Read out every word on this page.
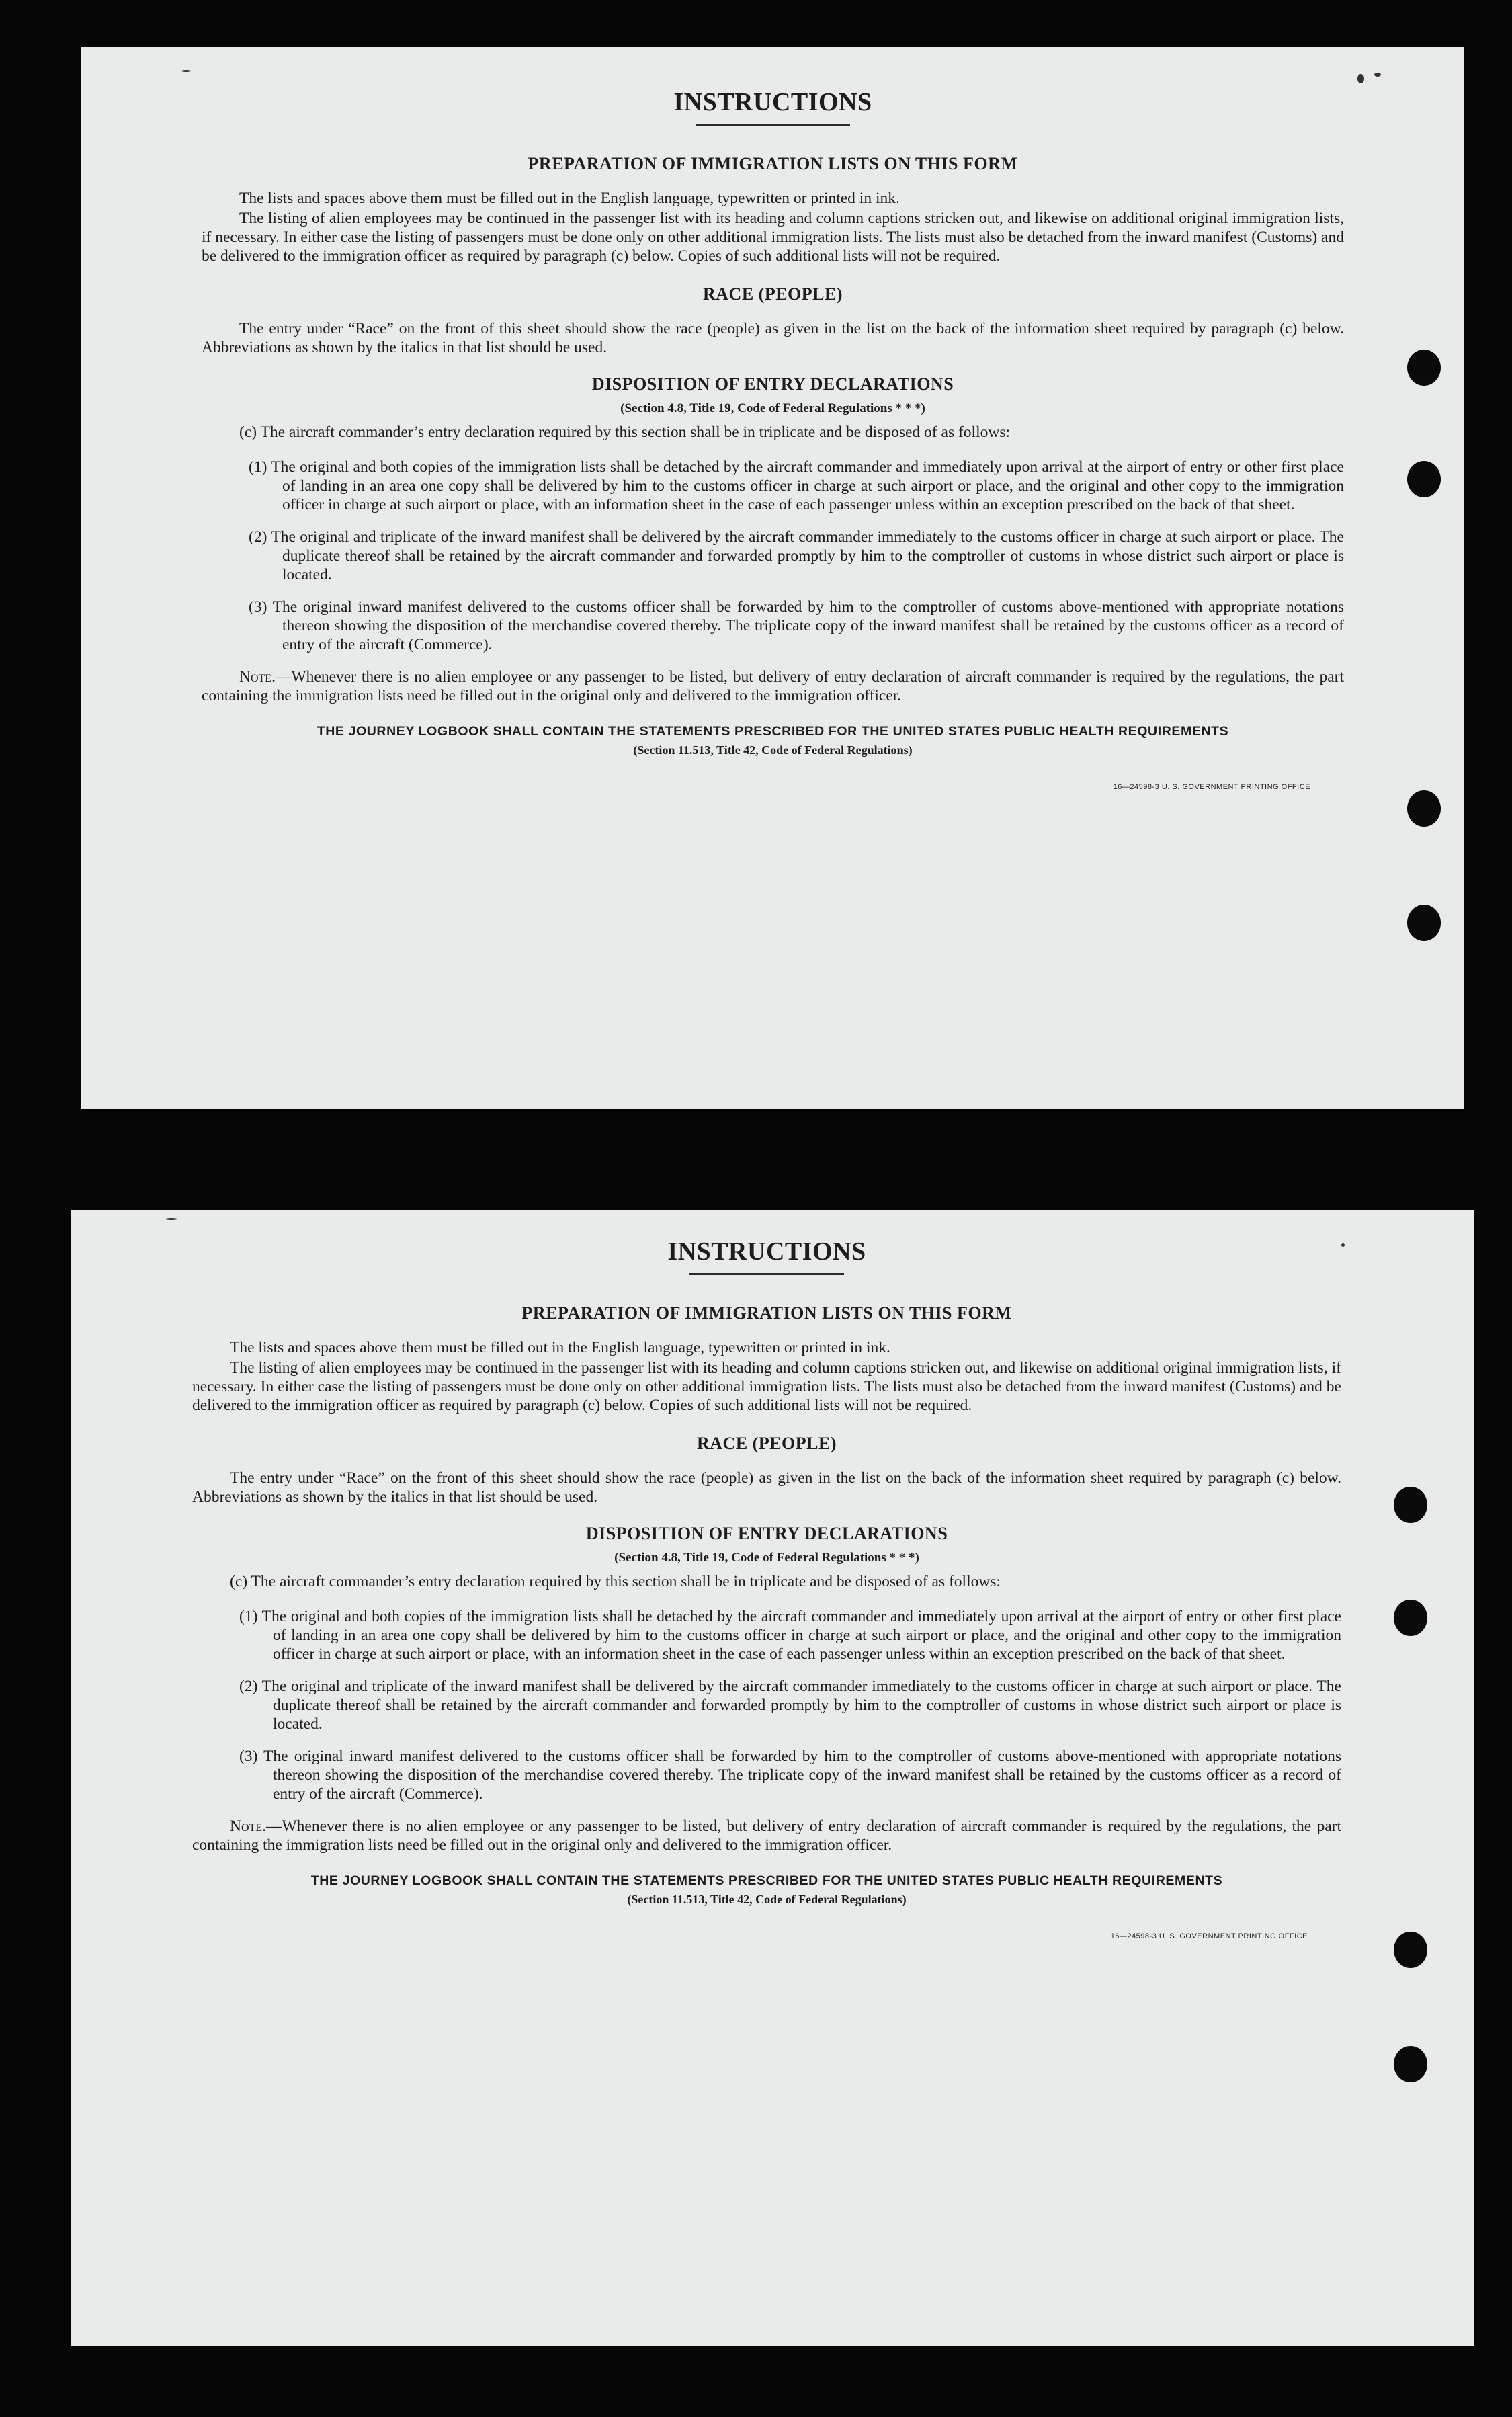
INSTRUCTIONS
PREPARATION OF IMMIGRATION LISTS ON THIS FORM
The lists and spaces above them must be filled out in the English language, typewritten or printed in ink.
The listing of alien employees may be continued in the passenger list with its heading and column captions stricken out, and likewise on additional original immigration lists, if necessary. In either case the listing of passengers must be done only on other additional immigration lists. The lists must also be detached from the inward manifest (Customs) and be delivered to the immigration officer as required by paragraph (c) below. Copies of such additional lists will not be required.
RACE (PEOPLE)
The entry under “Race” on the front of this sheet should show the race (people) as given in the list on the back of the information sheet required by paragraph (c) below. Abbreviations as shown by the italics in that list should be used.
DISPOSITION OF ENTRY DECLARATIONS
(Section 4.8, Title 19, Code of Federal Regulations * * *)
(c) The aircraft commander’s entry declaration required by this section shall be in triplicate and be disposed of as follows:
(1) The original and both copies of the immigration lists shall be detached by the aircraft commander and immediately upon arrival at the airport of entry or other first place of landing in an area one copy shall be delivered by him to the customs officer in charge at such airport or place, and the original and other copy to the immigration officer in charge at such airport or place, with an information sheet in the case of each passenger unless within an exception prescribed on the back of that sheet.
(2) The original and triplicate of the inward manifest shall be delivered by the aircraft commander immediately to the customs officer in charge at such airport or place. The duplicate thereof shall be retained by the aircraft commander and forwarded promptly by him to the comptroller of customs in whose district such airport or place is located.
(3) The original inward manifest delivered to the customs officer shall be forwarded by him to the comptroller of customs above-mentioned with appropriate notations thereon showing the disposition of the merchandise covered thereby. The triplicate copy of the inward manifest shall be retained by the customs officer as a record of entry of the aircraft (Commerce).
Note.—Whenever there is no alien employee or any passenger to be listed, but delivery of entry declaration of aircraft commander is required by the regulations, the part containing the immigration lists need be filled out in the original only and delivered to the immigration officer.
THE JOURNEY LOGBOOK SHALL CONTAIN THE STATEMENTS PRESCRIBED FOR THE UNITED STATES PUBLIC HEALTH REQUIREMENTS
(Section 11.513, Title 42, Code of Federal Regulations)
16—24598-3 U. S. GOVERNMENT PRINTING OFFICE
INSTRUCTIONS
PREPARATION OF IMMIGRATION LISTS ON THIS FORM
The lists and spaces above them must be filled out in the English language, typewritten or printed in ink.
The listing of alien employees may be continued in the passenger list with its heading and column captions stricken out, and likewise on additional original immigration lists, if necessary. In either case the listing of passengers must be done only on other additional immigration lists. The lists must also be detached from the inward manifest (Customs) and be delivered to the immigration officer as required by paragraph (c) below. Copies of such additional lists will not be required.
RACE (PEOPLE)
The entry under “Race” on the front of this sheet should show the race (people) as given in the list on the back of the information sheet required by paragraph (c) below. Abbreviations as shown by the italics in that list should be used.
DISPOSITION OF ENTRY DECLARATIONS
(Section 4.8, Title 19, Code of Federal Regulations * * *)
(c) The aircraft commander’s entry declaration required by this section shall be in triplicate and be disposed of as follows:
(1) The original and both copies of the immigration lists shall be detached by the aircraft commander and immediately upon arrival at the airport of entry or other first place of landing in an area one copy shall be delivered by him to the customs officer in charge at such airport or place, and the original and other copy to the immigration officer in charge at such airport or place, with an information sheet in the case of each passenger unless within an exception prescribed on the back of that sheet.
(2) The original and triplicate of the inward manifest shall be delivered by the aircraft commander immediately to the customs officer in charge at such airport or place. The duplicate thereof shall be retained by the aircraft commander and forwarded promptly by him to the comptroller of customs in whose district such airport or place is located.
(3) The original inward manifest delivered to the customs officer shall be forwarded by him to the comptroller of customs above-mentioned with appropriate notations thereon showing the disposition of the merchandise covered thereby. The triplicate copy of the inward manifest shall be retained by the customs officer as a record of entry of the aircraft (Commerce).
Note.—Whenever there is no alien employee or any passenger to be listed, but delivery of entry declaration of aircraft commander is required by the regulations, the part containing the immigration lists need be filled out in the original only and delivered to the immigration officer.
THE JOURNEY LOGBOOK SHALL CONTAIN THE STATEMENTS PRESCRIBED FOR THE UNITED STATES PUBLIC HEALTH REQUIREMENTS
(Section 11.513, Title 42, Code of Federal Regulations)
16—24598-3 U. S. GOVERNMENT PRINTING OFFICE
